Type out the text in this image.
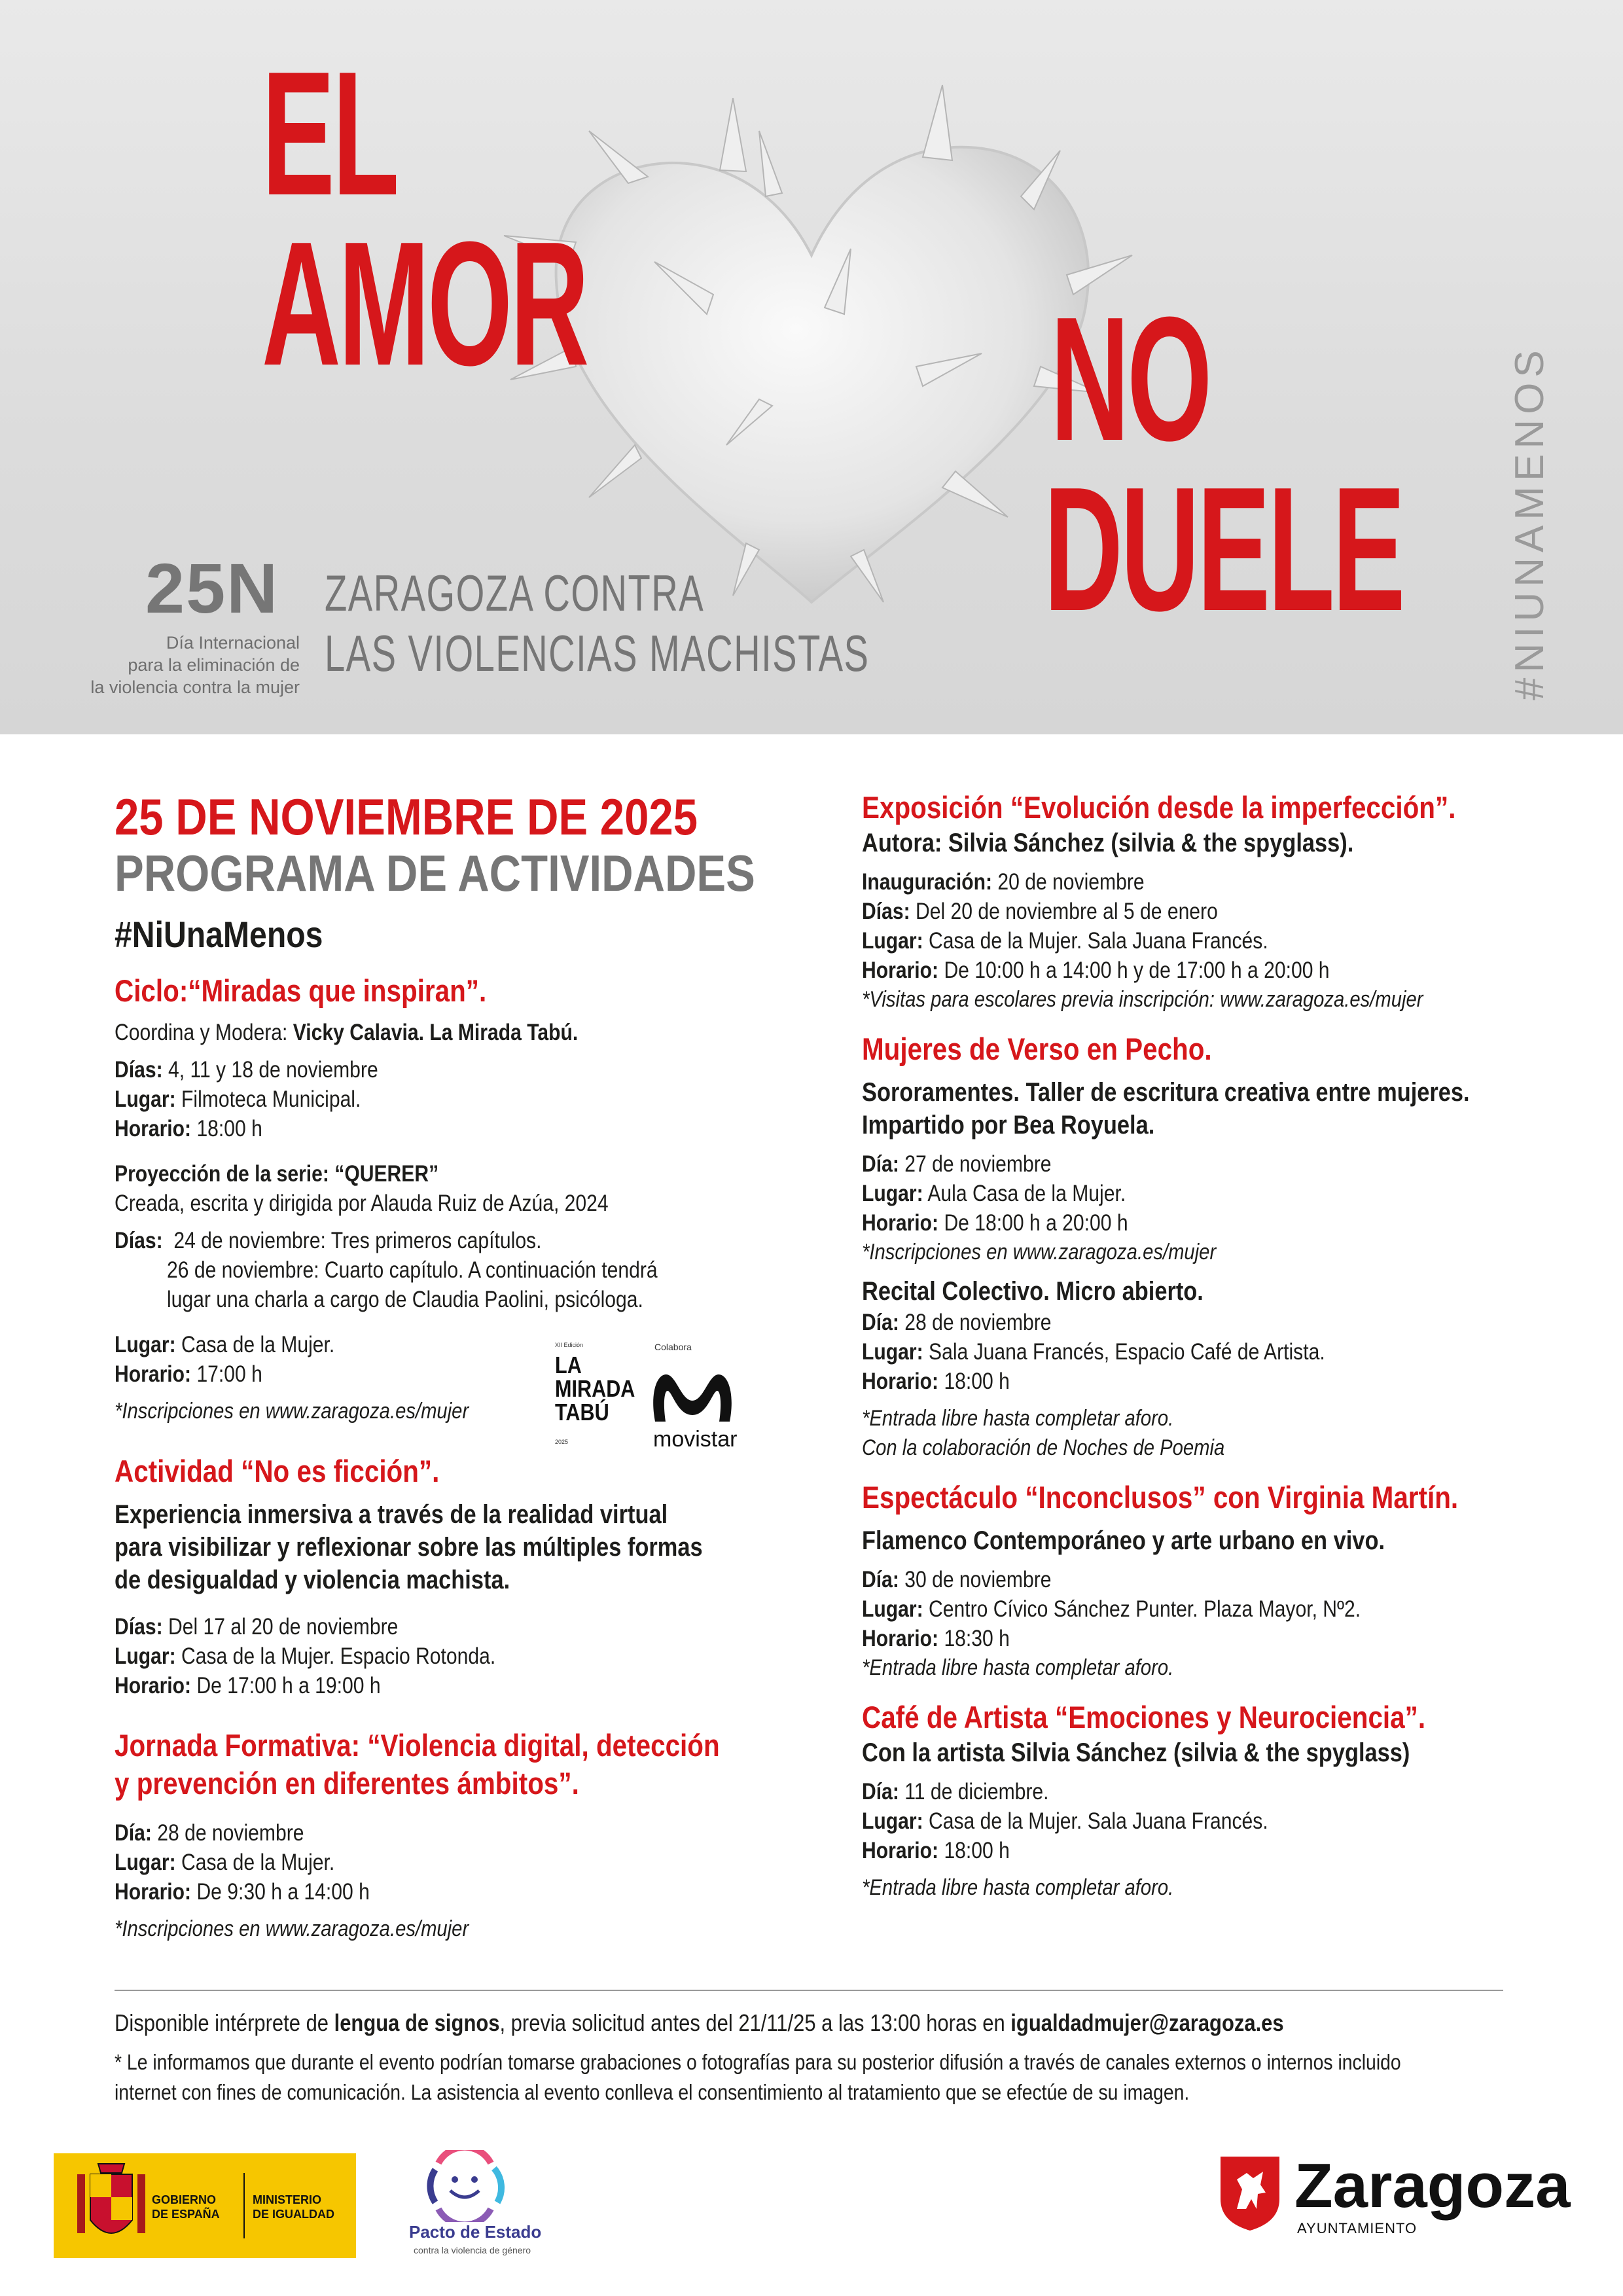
EL
AMOR	NO
DUELE
25N
Día Internacional
para la eliminación de
la violencia contra la mujer
ZARAGOZA CONTRA
LAS VIOLENCIAS MACHISTAS	#NIUNAMENOS
25 DE NOVIEMBRE DE 2025
PROGRAMA DE ACTIVIDADES
#NiUnaMenos
Ciclo:“Miradas que inspiran”.
Coordina y Modera: Vicky Calavia. La Mirada Tabú.
Días: 4, 11 y 18 de noviembre
Lugar: Filmoteca Municipal.
Horario: 18:00 h
Proyección de la serie: “QUERER”
Creada, escrita y dirigida por Alauda Ruiz de Azúa, 2024
Días: 24 de noviembre: Tres primeros capítulos.
26 de noviembre: Cuarto capítulo. A continuación tendrá
lugar una charla a cargo de Claudia Paolini, psicóloga.
Lugar: Casa de la Mujer.
Horario: 17:00 h
*Inscripciones en www.zaragoza.es/mujer
Actividad “No es ficción”.
Experiencia inmersiva a través de la realidad virtual
para visibilizar y reflexionar sobre las múltiples formas
de desigualdad y violencia machista.
Días: Del 17 al 20 de noviembre
Lugar: Casa de la Mujer. Espacio Rotonda.
Horario: De 17:00 h a 19:00 h
Jornada Formativa: “Violencia digital, detección
y prevención en diferentes ámbitos”.
Día: 28 de noviembre
Lugar: Casa de la Mujer.
Horario: De 9:30 h a 14:00 h
*Inscripciones en www.zaragoza.es/mujer
XII Edición
LA
MIRADA
TABÚ
2025
Colabora
movistar
Exposición “Evolución desde la imperfección”.
Autora: Silvia Sánchez (silvia & the spyglass).
Inauguración: 20 de noviembre
Días: Del 20 de noviembre al 5 de enero
Lugar: Casa de la Mujer. Sala Juana Francés.
Horario: De 10:00 h a 14:00 h y de 17:00 h a 20:00 h
*Visitas para escolares previa inscripción: www.zaragoza.es/mujer
Mujeres de Verso en Pecho.
Sororamentes. Taller de escritura creativa entre mujeres.
Impartido por Bea Royuela.
Día: 27 de noviembre
Lugar: Aula Casa de la Mujer.
Horario: De 18:00 h a 20:00 h
*Inscripciones en www.zaragoza.es/mujer
Recital Colectivo. Micro abierto.
Día: 28 de noviembre
Lugar: Sala Juana Francés, Espacio Café de Artista.
Horario: 18:00 h
*Entrada libre hasta completar aforo.
Con la colaboración de Noches de Poemia
Espectáculo “Inconclusos” con Virginia Martín.
Flamenco Contemporáneo y arte urbano en vivo.
Día: 30 de noviembre
Lugar: Centro Cívico Sánchez Punter. Plaza Mayor, Nº2.
Horario: 18:30 h
*Entrada libre hasta completar aforo.
Café de Artista “Emociones y Neurociencia”.
Con la artista Silvia Sánchez (silvia & the spyglass)
Día: 11 de diciembre.
Lugar: Casa de la Mujer. Sala Juana Francés.
Horario: 18:00 h
*Entrada libre hasta completar aforo.
Disponible intérprete de lengua de signos, previa solicitud antes del 21/11/25 a las 13:00 horas en igualdadmujer@zaragoza.es
* Le informamos que durante el evento podrían tomarse grabaciones o fotografías para su posterior difusión a través de canales externos o internos incluido
internet con fines de comunicación. La asistencia al evento conlleva el consentimiento al tratamiento que se efectúe de su imagen.
GOBIERNO
DE ESPAÑA
MINISTERIO
DE IGUALDAD
Pacto de Estado
contra la violencia de género
Zaragoza
AYUNTAMIENTO
